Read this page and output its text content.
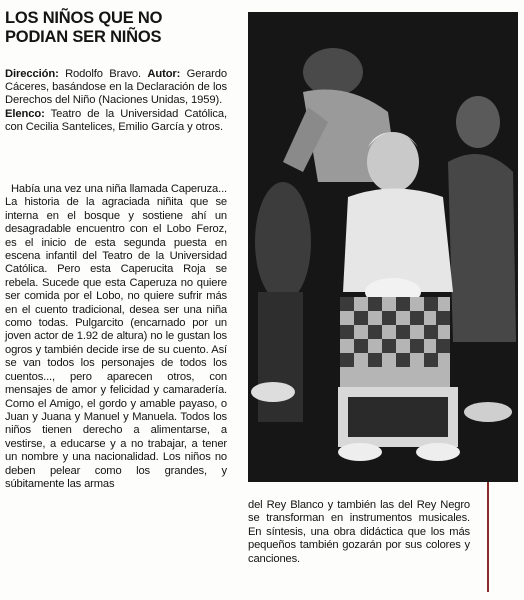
LOS NIÑOS QUE NO
PODIAN SER NIÑOS
Dirección: Rodolfo Bravo. Autor: Gerardo Cáceres, basándose en la Declaración de los Derechos del Niño (Naciones Unidas, 1959).
Elenco: Teatro de la Universidad Católica, con Cecilia Santelices, Emilio García y otros.

Había una vez una niña llamada Caperuza... La historia de la agraciada niñita que se interna en el bosque y sostiene ahí un desagradable encuentro con el Lobo Feroz, es el inicio de esta segunda puesta en escena infantil del Teatro de la Universidad Católica. Pero esta Caperucita Roja se rebela. Sucede que esta Caperuza no quiere ser comida por el Lobo, no quiere sufrir más en el cuento tradicional, desea ser una niña como todas. Pulgarcito (encarnado por un joven actor de 1.92 de altura) no le gustan los ogros y también decide irse de su cuento. Así se van todos los personajes de todos los cuentos..., pero aparecen otros, con mensajes de amor y felicidad y camaradería. Como el Amigo, el gordo y amable payaso, o Juan y Juana y Manuel y Manuela. Todos los niños tienen derecho a alimentarse, a vestirse, a educarse y a no trabajar, a tener un nombre y una nacionalidad. Los niños no deben pelear como los grandes, y súbitamente las armas

del Rey Blanco y también las del Rey Negro se transforman en instrumentos musicales. En síntesis, una obra didáctica que los más pequeños también gozarán por sus colores y canciones.
